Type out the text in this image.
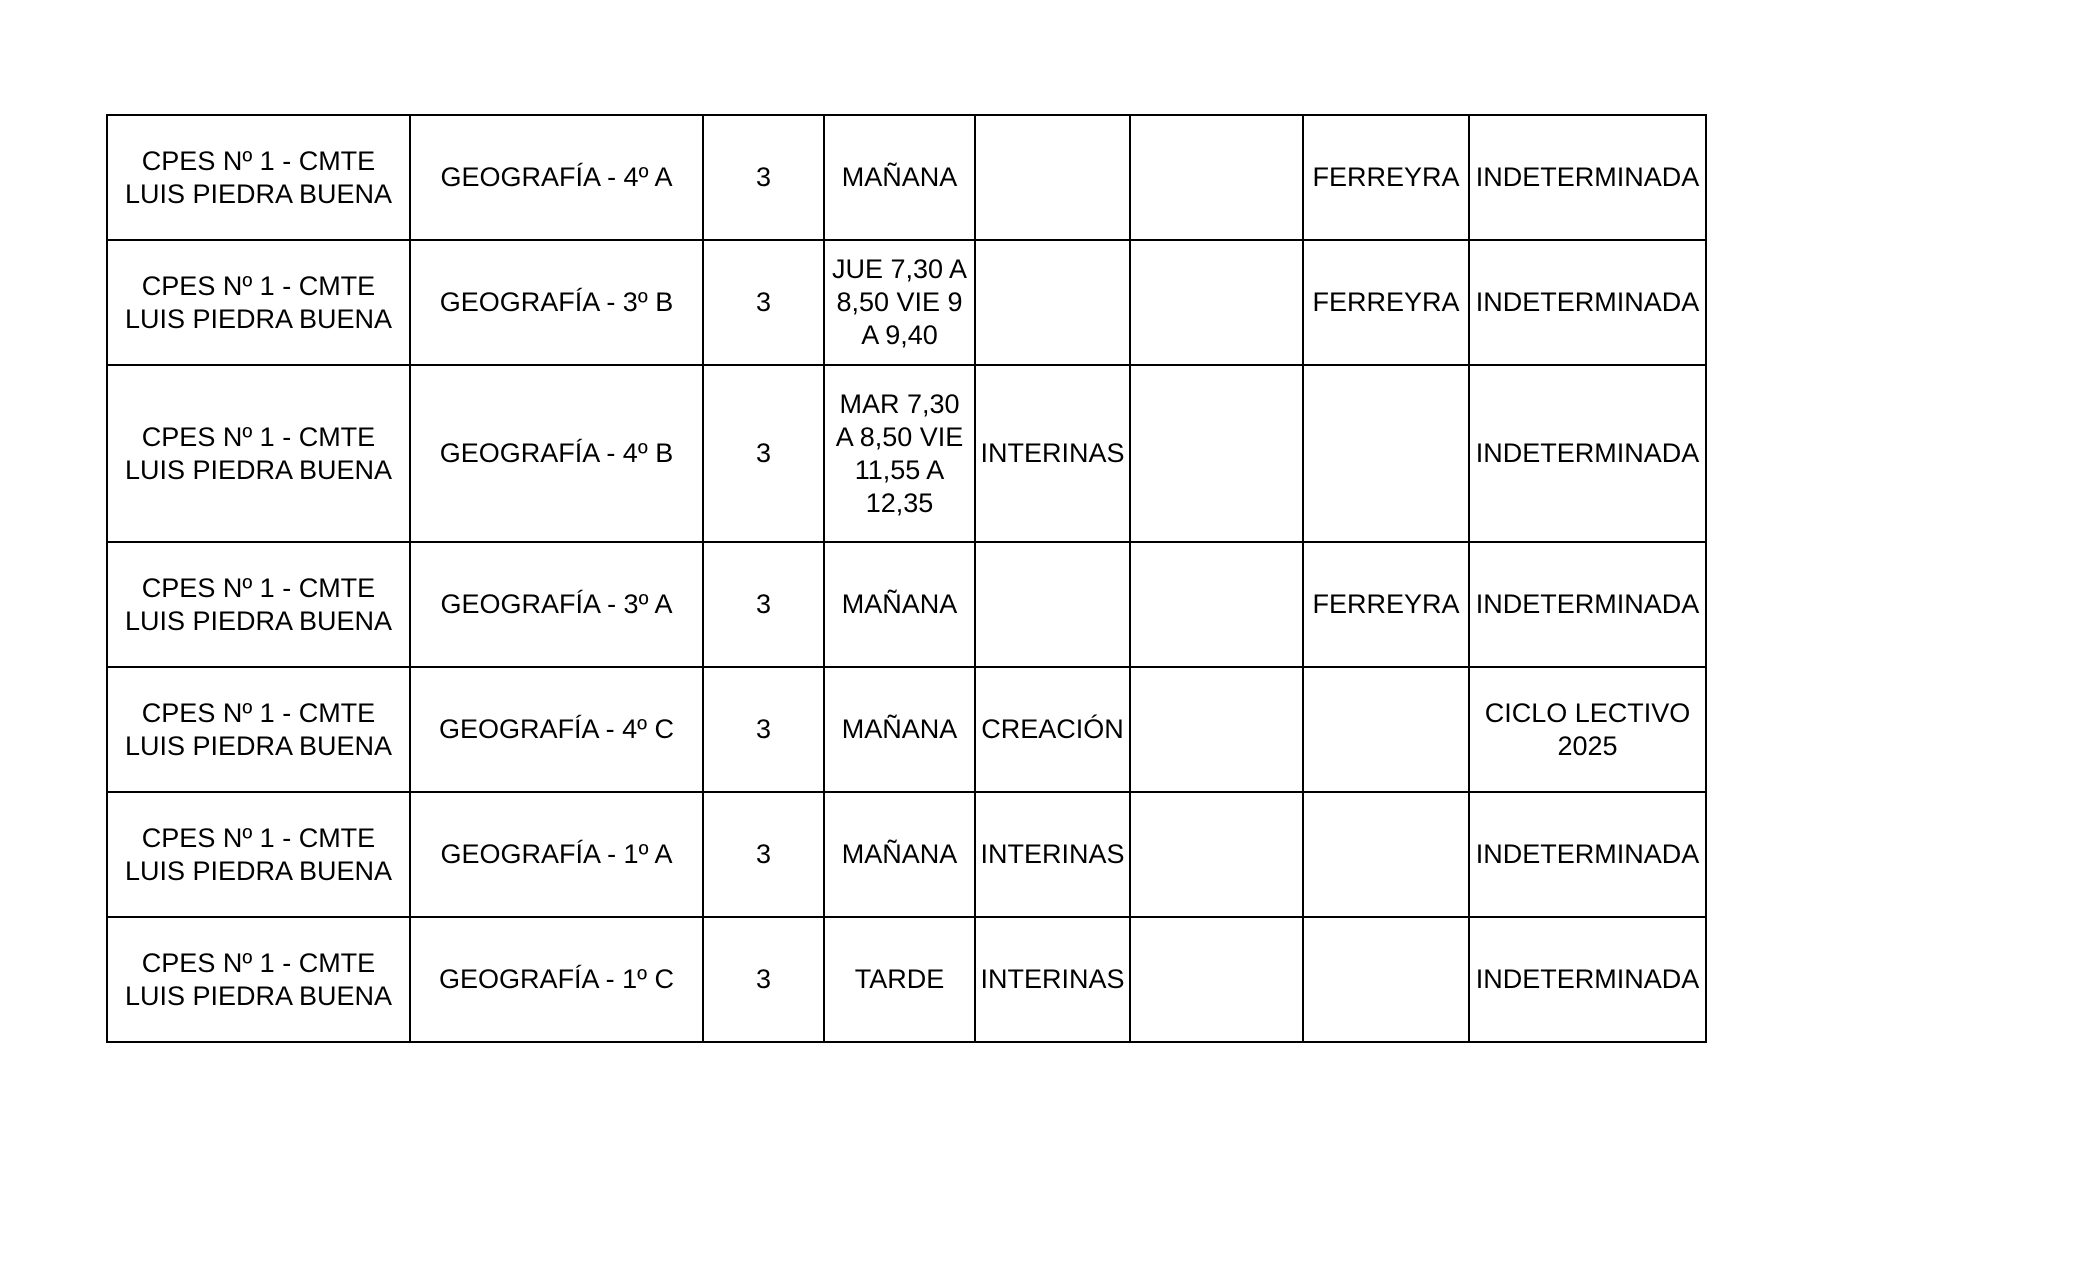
CPES Nº 1 - CMTE LUIS PIEDRA BUENA	GEOGRAFÍA - 4º A	3	MAÑANA			FERREYRA	INDETERMINADA
CPES Nº 1 - CMTE LUIS PIEDRA BUENA	GEOGRAFÍA - 3º B	3	JUE 7,30 A 8,50 VIE 9 A 9,40			FERREYRA	INDETERMINADA
CPES Nº 1 - CMTE LUIS PIEDRA BUENA	GEOGRAFÍA - 4º B	3	MAR 7,30 A 8,50 VIE 11,55 A 12,35	INTERINAS			INDETERMINADA
CPES Nº 1 - CMTE LUIS PIEDRA BUENA	GEOGRAFÍA - 3º A	3	MAÑANA			FERREYRA	INDETERMINADA
CPES Nº 1 - CMTE LUIS PIEDRA BUENA	GEOGRAFÍA - 4º C	3	MAÑANA	CREACIÓN			CICLO LECTIVO 2025
CPES Nº 1 - CMTE LUIS PIEDRA BUENA	GEOGRAFÍA - 1º A	3	MAÑANA	INTERINAS			INDETERMINADA
CPES Nº 1 - CMTE LUIS PIEDRA BUENA	GEOGRAFÍA - 1º C	3	TARDE	INTERINAS			INDETERMINADA
